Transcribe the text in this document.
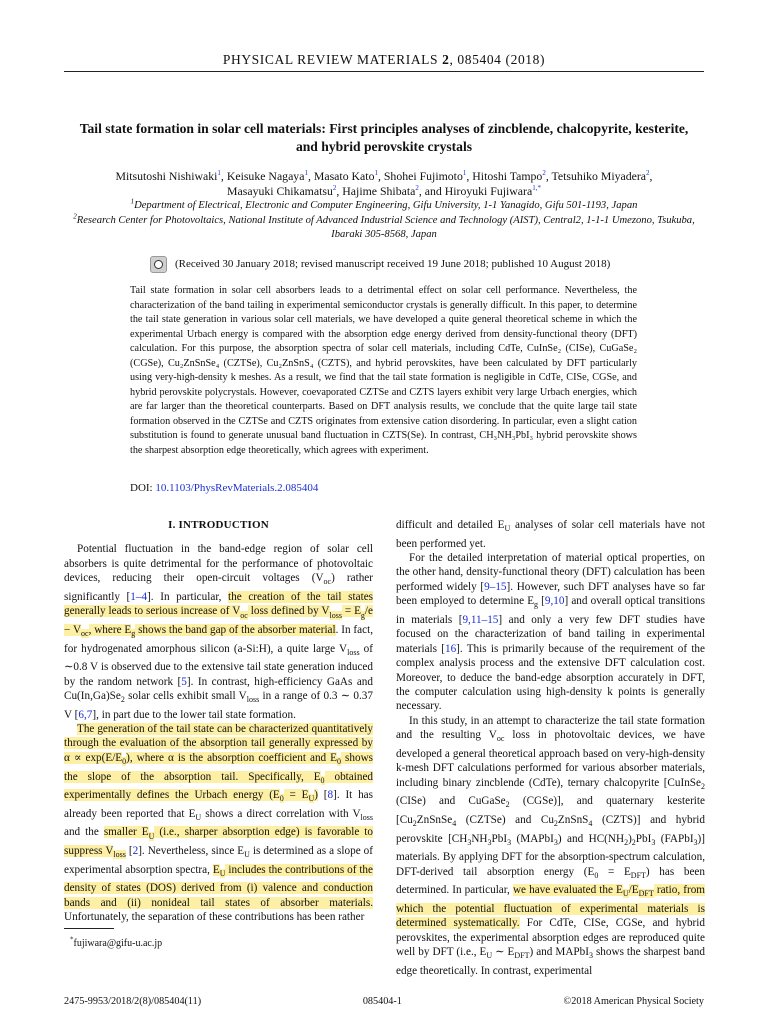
PHYSICAL REVIEW MATERIALS 2, 085404 (2018)
Tail state formation in solar cell materials: First principles analyses of zincblende, chalcopyrite, kesterite, and hybrid perovskite crystals
Mitsutoshi Nishiwaki$^1$, Keisuke Nagaya$^1$, Masato Kato$^1$, Shohei Fujimoto$^1$, Hitoshi Tampo$^2$, Tetsuhiko Miyadera$^2$,
Masayuki Chikamatsu$^2$, Hajime Shibata$^2$, and Hiroyuki Fujiwara$^{1,*}$
$^1$Department of Electrical, Electronic and Computer Engineering, Gifu University, 1-1 Yanagido, Gifu 501-1193, Japan
$^2$Research Center for Photovoltaics, National Institute of Advanced Industrial Science and Technology (AIST), Central2, 1-1-1 Umezono, Tsukuba, Ibaraki 305-8568, Japan
(Received 30 January 2018; revised manuscript received 19 June 2018; published 10 August 2018)
Tail state formation in solar cell absorbers leads to a detrimental effect on solar cell performance. Nevertheless, the characterization of the band tailing in experimental semiconductor crystals is generally difficult. In this paper, to determine the tail state generation in various solar cell materials, we have developed a quite general theoretical scheme in which the experimental Urbach energy is compared with the absorption edge energy derived from density-functional theory (DFT) calculation. For this purpose, the absorption spectra of solar cell materials, including CdTe, CuInSe₂ (CISe), CuGaSe₂ (CGSe), Cu₂ZnSnSe₄ (CZTSe), Cu₂ZnSnS₄ (CZTS), and hybrid perovskites, have been calculated by DFT particularly using very-high-density k meshes. As a result, we find that the tail state formation is negligible in CdTe, CISe, CGSe, and hybrid perovskite polycrystals. However, coevaporated CZTSe and CZTS layers exhibit very large Urbach energies, which are far larger than the theoretical counterparts. Based on DFT analysis results, we conclude that the quite large tail state formation observed in the CZTSe and CZTS originates from extensive cation disordering. In particular, even a slight cation substitution is found to generate unusual band fluctuation in CZTS(Se). In contrast, CH₃NH₃PbI₃ hybrid perovskite shows the sharpest absorption edge theoretically, which agrees with experiment.
DOI: 10.1103/PhysRevMaterials.2.085404
I. INTRODUCTION

Potential fluctuation in the band-edge region of solar cell absorbers is quite detrimental for the performance of photovoltaic devices, reducing their open-circuit voltages $(V_{oc})$ rather significantly [1–4]. In particular, the creation of the tail states generally leads to serious increase of $V_{oc}$ loss defined by $V_{loss} = E_g/e - V_{oc}$, where $E_g$ shows the band gap of the absorber material. In fact, for hydrogenated amorphous silicon (a-Si:H), a quite large $V_{loss}$ of ∼0.8 V is observed due to the extensive tail state generation induced by the random network [5]. In contrast, high-efficiency GaAs and $Cu(In,Ga)Se_2$ solar cells exhibit small $V_{loss}$ in a range of 0.3 ∼ 0.37 V [6,7], in part due to the lower tail state formation.

The generation of the tail state can be characterized quantitatively through the evaluation of the absorption tail generally expressed by $\alpha \propto \exp(E/E_0)$, where α is the absorption coefficient and $E_0$ shows the slope of the absorption tail. Specifically, $E_0$ obtained experimentally defines the Urbach energy $(E_0 = E_U)$ [8]. It has already been reported that $E_U$ shows a direct correlation with $V_{loss}$ and the smaller $E_U$ (i.e., sharper absorption edge) is favorable to suppress $V_{loss}$ [2]. Nevertheless, since $E_U$ is determined as a slope of experimental absorption spectra, $E_U$ includes the contributions of the density of states (DOS) derived from (i) valence and conduction bands and (ii) nonideal tail states of absorber materials. Unfortunately, the separation of these contributions has been rather

difficult and detailed $E_U$ analyses of solar cell materials have not been performed yet.

For the detailed interpretation of material optical properties, on the other hand, density-functional theory (DFT) calculation has been performed widely [9–15]. However, such DFT analyses have so far been employed to determine $E_g$ [9,10] and overall optical transitions in materials [9,11–15] and only a very few DFT studies have focused on the characterization of band tailing in experimental materials [16]. This is primarily because of the requirement of the complex analysis process and the extensive DFT calculation cost. Moreover, to deduce the band-edge absorption accurately in DFT, the computer calculation using high-density k points is generally necessary.

In this study, in an attempt to characterize the tail state formation and the resulting $V_{oc}$ loss in photovoltaic devices, we have developed a general theoretical approach based on very-high-density k-mesh DFT calculations performed for various absorber materials, including binary zincblende (CdTe), ternary chalcopyrite [CuInSe$_2$ (CISe) and CuGaSe$_2$ (CGSe)], and quaternary kesterite [$Cu_2ZnSnSe_4$ (CZTSe) and $Cu_2ZnSnS_4$ (CZTS)] and hybrid perovskite [$CH_3NH_3PbI_3$ (MAPbI$_3$) and $HC(NH_2)_2PbI_3$ (FAPbI$_3$)] materials. By applying DFT for the absorption-spectrum calculation, DFT-derived tail absorption energy $(E_0 = E_{DFT})$ has been determined. In particular, we have evaluated the $E_U/E_{DFT}$ ratio, from which the potential fluctuation of experimental materials is determined systematically. For CdTe, CISe, CGSe, and hybrid perovskites, the experimental absorption edges are reproduced quite well by DFT (i.e., $E_U$ ∼ $E_{DFT}$) and MAPbI$_3$ shows the sharpest band edge theoretically. In contrast, experimental

*fujiwara@gifu-u.ac.jp
2475-9953/2018/2(8)/085404(11)	085404-1	©2018 American Physical Society
